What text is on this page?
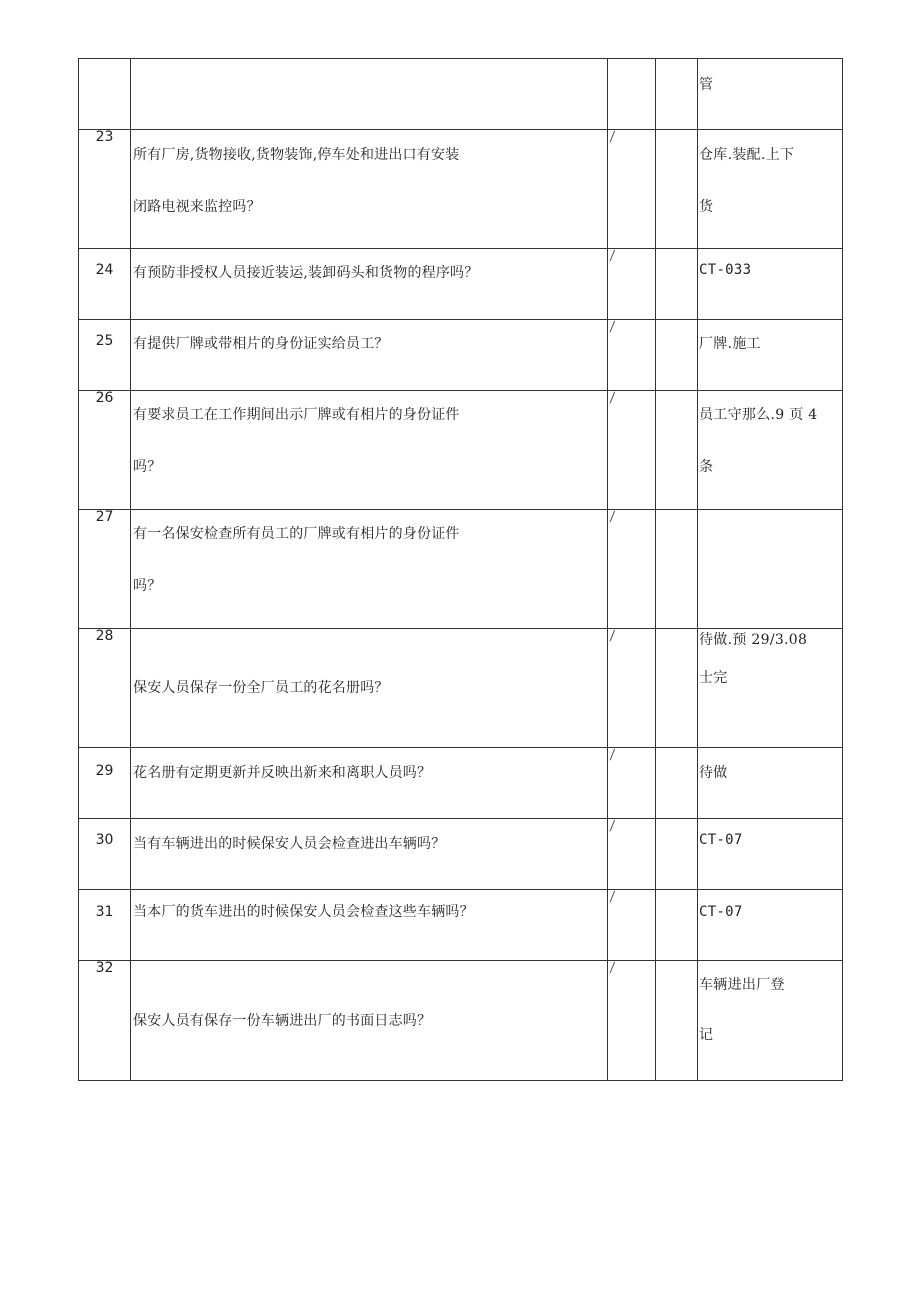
				管

23	所有厂房,货物接收,货物装饰,停车处和进出口有安装
闭路电视来监控吗？	/		仓库.装配.上下
货

24	有预防非授权人员接近装运,装卸码头和货物的程序吗？	/		CT-033

25	有提供厂牌或带相片的身份证实给员工？	/		厂牌.施工

26	有要求员工在工作期间出示厂牌或有相片的身份证件
吗？	/		员工守那么.9 页 4
条

27	有一名保安检查所有员工的厂牌或有相片的身份证件
吗？	/		
28	保安人员保存一份全厂员工的花名册吗？	/		待做.预 29/3.08
士完

29	花名册有定期更新并反映出新来和离职人员吗？	/		待做

30	当有车辆进出的时候保安人员会检查进出车辆吗？	/		CT-07

31	当本厂的货车进出的时候保安人员会检查这些车辆吗？	/		CT-07

32	保安人员有保存一份车辆进出厂的书面日志吗？	/		车辆进出厂登
记
